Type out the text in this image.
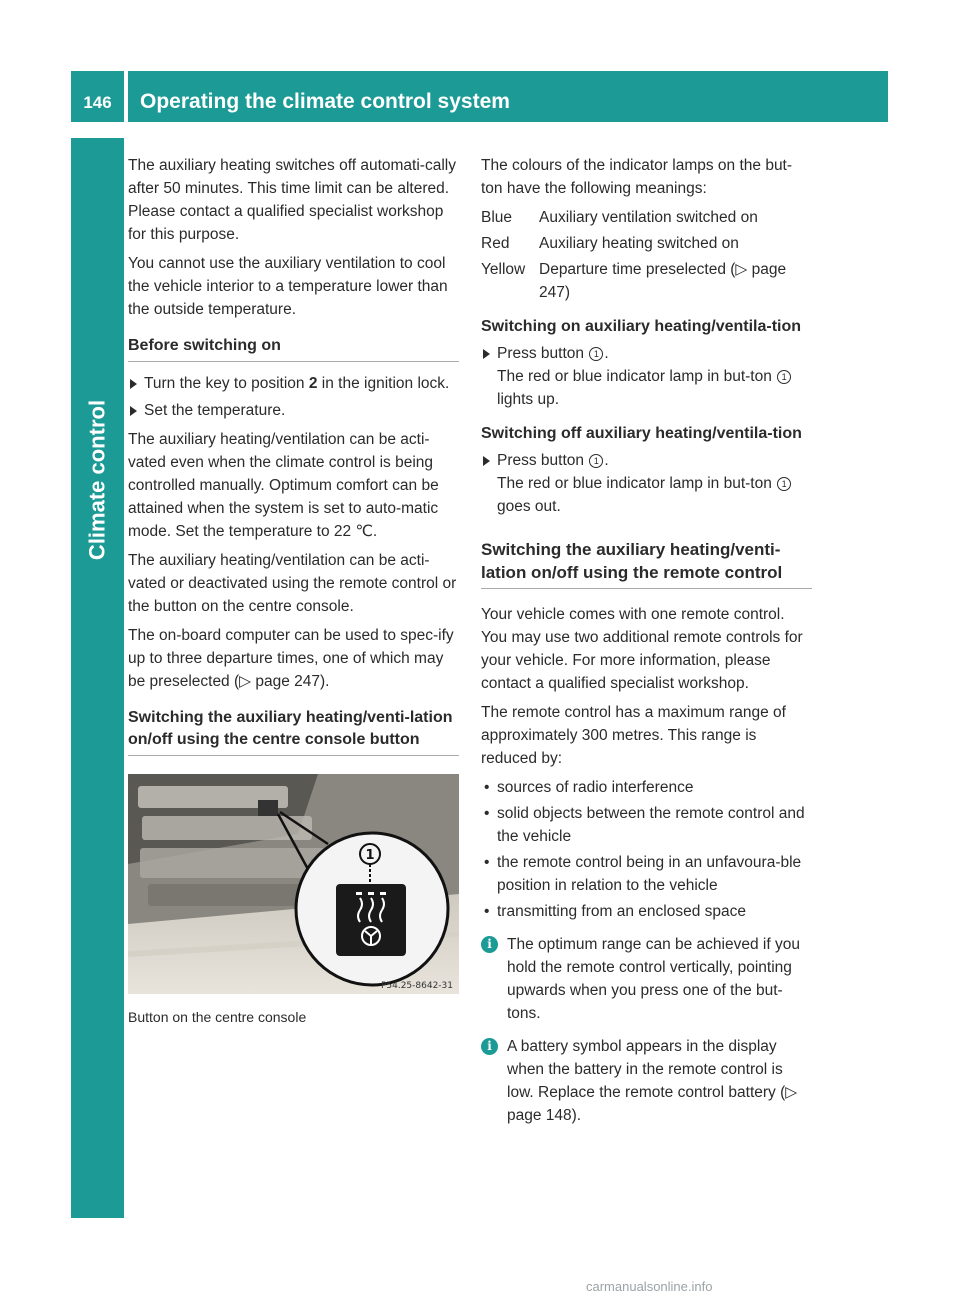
146	Operating the climate control system
Climate control

The auxiliary heating switches off automati-cally after 50 minutes. This time limit can be altered. Please contact a qualified specialist workshop for this purpose.

You cannot use the auxiliary ventilation to cool the vehicle interior to a temperature lower than the outside temperature.

Before switching on
Turn the key to position 2 in the ignition lock.
Set the temperature.

The auxiliary heating/ventilation can be acti-vated even when the climate control is being controlled manually. Optimum comfort can be attained when the system is set to auto-matic mode. Set the temperature to 22 ℃.

The auxiliary heating/ventilation can be acti-vated or deactivated using the remote control or the button on the centre console.

The on-board computer can be used to spec-ify up to three departure times, one of which may be preselected (▷ page 247).

Switching the auxiliary heating/venti-lation on/off using the centre console button
1
P54.25-8642-31
Button on the centre console

The colours of the indicator lamps on the but-ton have the following meanings:

Blue	Auxiliary ventilation switched on
Red	Auxiliary heating switched on
Yellow Departure time preselected (▷ page 247)
Switching on auxiliary heating/ventila-tion
Press button 1 .
The red or blue indicator lamp in but-ton 1 lights up.
Switching off auxiliary heating/ventila-tion
Press button 1 .
The red or blue indicator lamp in but-ton 1 goes out.
Switching the auxiliary heating/venti-lation on/off using the remote control

Your vehicle comes with one remote control. You may use two additional remote controls for your vehicle. For more information, please contact a qualified specialist workshop.

The remote control has a maximum range of approximately 300 metres. This range is reduced by:

• sources of radio interference
• solid objects between the remote control and the vehicle
• the remote control being in an unfavoura-ble position in relation to the vehicle
• transmitting from an enclosed space
i The optimum range can be achieved if you hold the remote control vertically, pointing upwards when you press one of the but-tons.
i A battery symbol appears in the display when the battery in the remote control is low. Replace the remote control battery (▷ page 148).
carmanualsonline.info
